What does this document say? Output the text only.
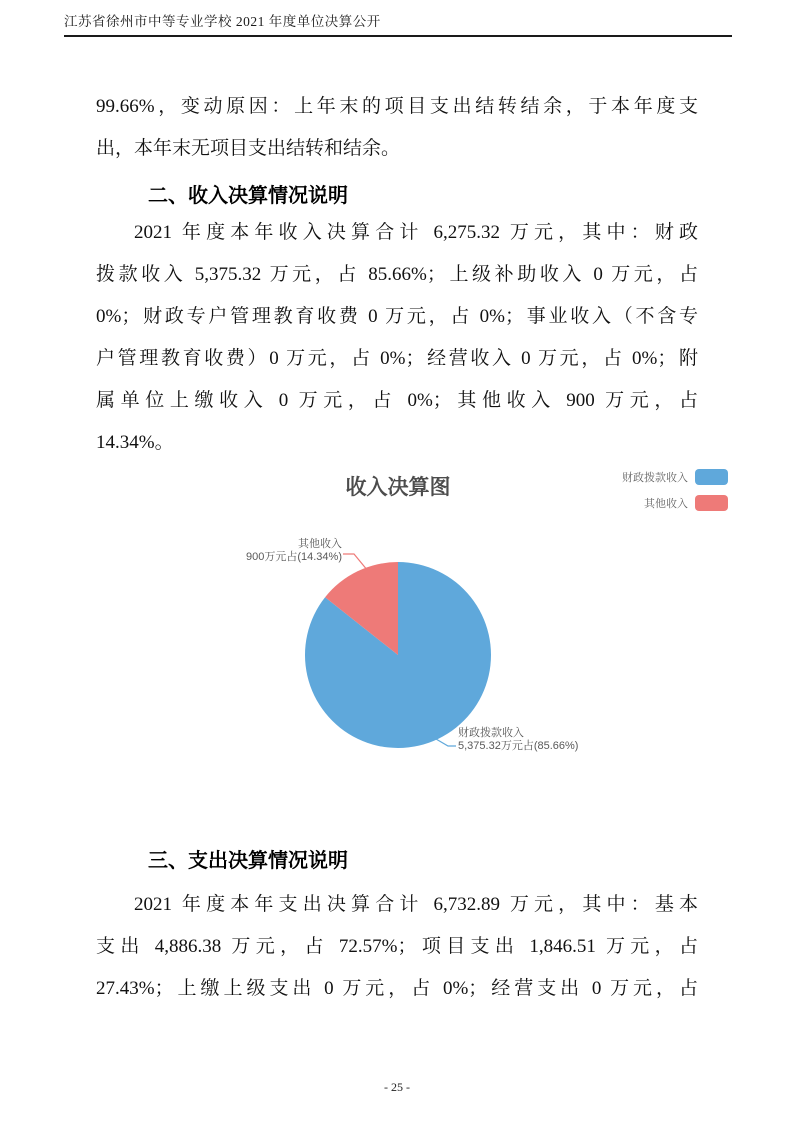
江苏省徐州市中等专业学校 2021 年度单位决算公开
99.66%，变动原因：上年末的项目支出结转结余，于本年度支
出，本年末无项目支出结转和结余。
二、收入决算情况说明
2021 年度本年收入决算合计 6,275.32 万元，其中：财政
拨款收入 5,375.32 万元，占 85.66%；上级补助收入 0 万元，占
0%；财政专户管理教育收费 0 万元，占 0%；事业收入（不含专
户管理教育收费）0 万元，占 0%；经营收入 0 万元，占 0%；附
属单位上缴收入 0 万元，占 0%；其他收入 900 万元，占
14.34%。
收入决算图	财政拨款收入
其他收入
其他收入
900万元占(14.34%)
财政拨款收入
5,375.32万元占(85.66%)
三、支出决算情况说明
2021 年度本年支出决算合计 6,732.89 万元，其中：基本
支出 4,886.38 万元，占 72.57%；项目支出 1,846.51 万元，占
27.43%；上缴上级支出 0 万元，占 0%；经营支出 0 万元，占
- 25 -
